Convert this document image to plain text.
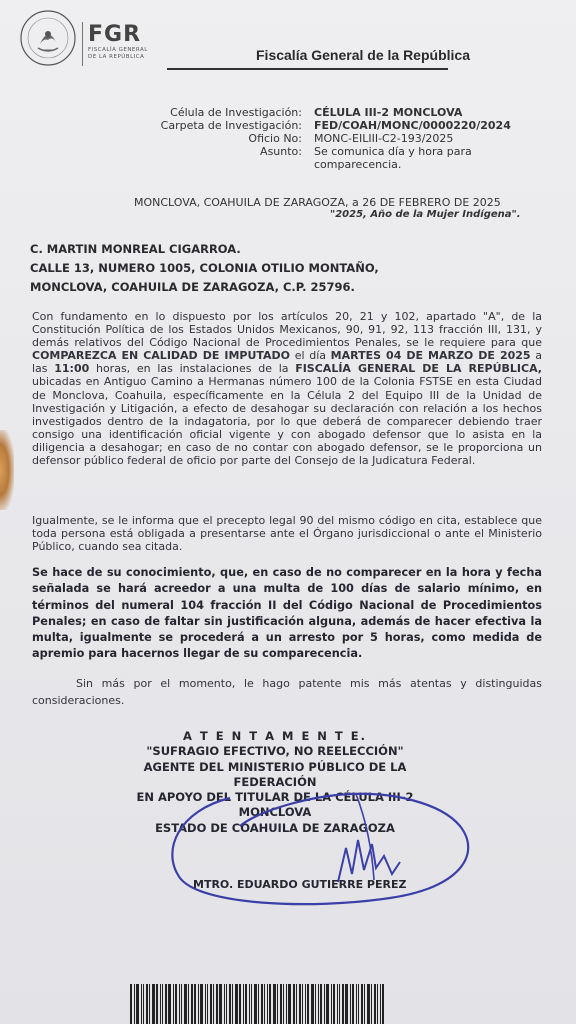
FGR
FISCALÍA GENERAL
DE LA REPÚBLICA	Fiscalía General de la República
Célula de Investigación:	CÉLULA III-2 MONCLOVA
Carpeta de Investigación:	FED/COAH/MONC/0000220/2024
Oficio No:	MONC-EILIII-C2-193/2025
Asunto:	Se comunica día y hora para
comparecencia.
MONCLOVA, COAHUILA DE ZARAGOZA, a 26 DE FEBRERO DE 2025
"2025, Año de la Mujer Indígena".
C. MARTIN MONREAL CIGARROA.
CALLE 13, NUMERO 1005, COLONIA OTILIO MONTAÑO,
MONCLOVA, COAHUILA DE ZARAGOZA, C.P. 25796.
Con fundamento en lo dispuesto por los artículos 20, 21 y 102, apartado "A", de la Constitución Política de los Estados Unidos Mexicanos, 90, 91, 92, 113 fracción III, 131, y demás relativos del Código Nacional de Procedimientos Penales, se le requiere para que COMPAREZCA EN CALIDAD DE IMPUTADO el día MARTES 04 DE MARZO DE 2025 a las 11:00 horas, en las instalaciones de la FISCALÍA GENERAL DE LA REPÚBLICA, ubicadas en Antiguo Camino a Hermanas número 100 de la Colonia FSTSE en esta Ciudad de Monclova, Coahuila, específicamente en la Célula 2 del Equipo III de la Unidad de Investigación y Litigación, a efecto de desahogar su declaración con relación a los hechos investigados dentro de la indagatoria, por lo que deberá de comparecer debiendo traer consigo una identificación oficial vigente y con abogado defensor que lo asista en la diligencia a desahogar; en caso de no contar con abogado defensor, se le proporciona un defensor público federal de oficio por parte del Consejo de la Judicatura Federal.
Igualmente, se le informa que el precepto legal 90 del mismo código en cita, establece que toda persona está obligada a presentarse ante el Órgano jurisdiccional o ante el Ministerio Público, cuando sea citada.
Se hace de su conocimiento, que, en caso de no comparecer en la hora y fecha señalada se hará acreedor a una multa de 100 días de salario mínimo, en términos del numeral 104 fracción II del Código Nacional de Procedimientos Penales; en caso de faltar sin justificación alguna, además de hacer efectiva la multa, igualmente se procederá a un arresto por 5 horas, como medida de apremio para hacernos llegar de su comparecencia.
Sin más por el momento, le hago patente mis más atentas y distinguidas consideraciones.
A T E N T A M E N T E.
"SUFRAGIO EFECTIVO, NO REELECCIÓN"
AGENTE DEL MINISTERIO PÚBLICO DE LA FEDERACIÓN
EN APOYO DEL TITULAR DE LA CÉLULA III-2 MONCLOVA
ESTADO DE COAHUILA DE ZARAGOZA
MTRO. EDUARDO GUTIERRE PEREZ
